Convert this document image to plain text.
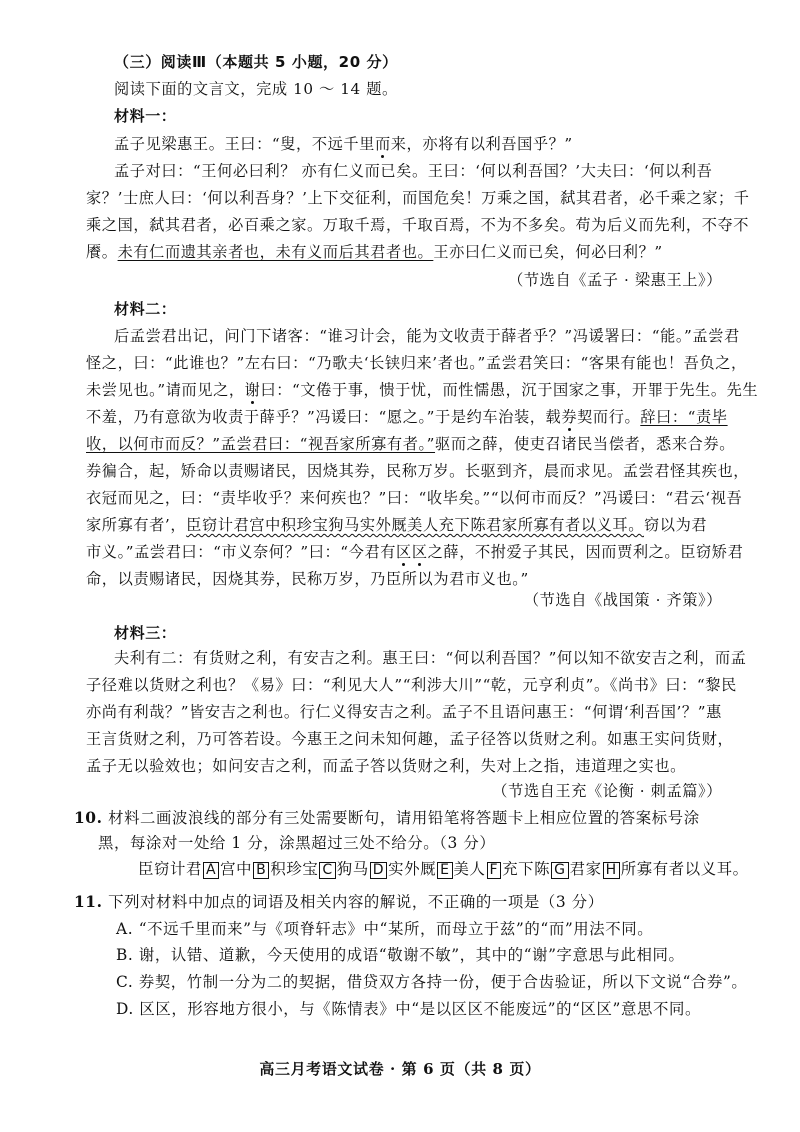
（三）阅读Ⅲ（本题共 5 小题，20 分）
阅读下面的文言文，完成 10 ～ 14 题。
材料一：
孟子见梁惠王。王曰：“叟，不远千里而来，亦将有以利吾国乎？”
孟子对曰：“王何必曰利？ 亦有仁义而已矣。王曰：‘何以利吾国？’大夫曰：‘何以利吾
家？’士庶人曰：‘何以利吾身？’上下交征利，而国危矣！万乘之国，弑其君者，必千乘之家；千
乘之国，弑其君者，必百乘之家。万取千焉，千取百焉，不为不多矣。苟为后义而先利，不夺不
餍。未有仁而遗其亲者也，未有义而后其君者也。王亦曰仁义而已矣，何必曰利？”
（节选自《孟子 · 梁惠王上》）
材料二：
后孟尝君出记，问门下诸客：“谁习计会，能为文收责于薛者乎？”冯谖署曰：“能。”孟尝君
怪之，曰：“此谁也？”左右曰：“乃歌夫‘长铗归来’者也。”孟尝君笑曰：“客果有能也！吾负之，
未尝见也。”请而见之，谢曰：“文倦于事，愦于忧，而性懦愚，沉于国家之事，开罪于先生。先生
不羞，乃有意欲为收责于薛乎？”冯谖曰：“愿之。”于是约车治装，载券契而行。辞曰：“责毕
收，以何市而反？”孟尝君曰：“视吾家所寡有者。”驱而之薛，使吏召诸民当偿者，悉来合券。
券徧合，起，矫命以责赐诸民，因烧其券，民称万岁。长驱到齐，晨而求见。孟尝君怪其疾也，
衣冠而见之，曰：“责毕收乎？来何疾也？”曰：“收毕矣。”“以何市而反？”冯谖曰：“君云‘视吾
家所寡有者’，臣窃计君宫中积珍宝狗马实外厩美人充下陈君家所寡有者以义耳。窃以为君
市义。”孟尝君曰：“市义奈何？”曰：“今君有区区之薛，不拊爱子其民，因而贾利之。臣窃矫君
命，以责赐诸民，因烧其券，民称万岁，乃臣所以为君市义也。”
（节选自《战国策 · 齐策》）
材料三：
夫利有二：有货财之利，有安吉之利。惠王曰：“何以利吾国？”何以知不欲安吉之利，而孟
子径难以货财之利也？《易》曰：“利见大人”“利涉大川”“乾，元亨利贞”。《尚书》曰：“黎民
亦尚有利哉？”皆安吉之利也。行仁义得安吉之利。孟子不且语问惠王：“何谓‘利吾国’？”惠
王言货财之利，乃可答若设。今惠王之问未知何趣，孟子径答以货财之利。如惠王实问货财，
孟子无以验效也；如问安吉之利，而孟子答以货财之利，失对上之指，违道理之实也。
（节选自王充《论衡 · 刺孟篇》）
10. 材料二画波浪线的部分有三处需要断句，请用铅笔将答题卡上相应位置的答案标号涂
黑，每涂对一处给 1 分，涂黑超过三处不给分。（3 分）
臣窃计君 A 宫中 B 积珍宝 C 狗马 D 实外厩 E 美人 F 充下陈 G 君家 H 所寡有者以义耳。
11. 下列对材料中加点的词语及相关内容的解说，不正确的一项是（3 分）
A. “不远千里而来”与《项脊轩志》中“某所，而母立于兹”的“而”用法不同。
B. 谢，认错、道歉，今天使用的成语“敬谢不敏”，其中的“谢”字意思与此相同。
C. 券契，竹制一分为二的契据，借贷双方各持一份，便于合齿验证，所以下文说“合券”。
D. 区区，形容地方很小，与《陈情表》中“是以区区不能废远”的“区区”意思不同。
高三月考语文试卷 · 第 6 页（共 8 页）
